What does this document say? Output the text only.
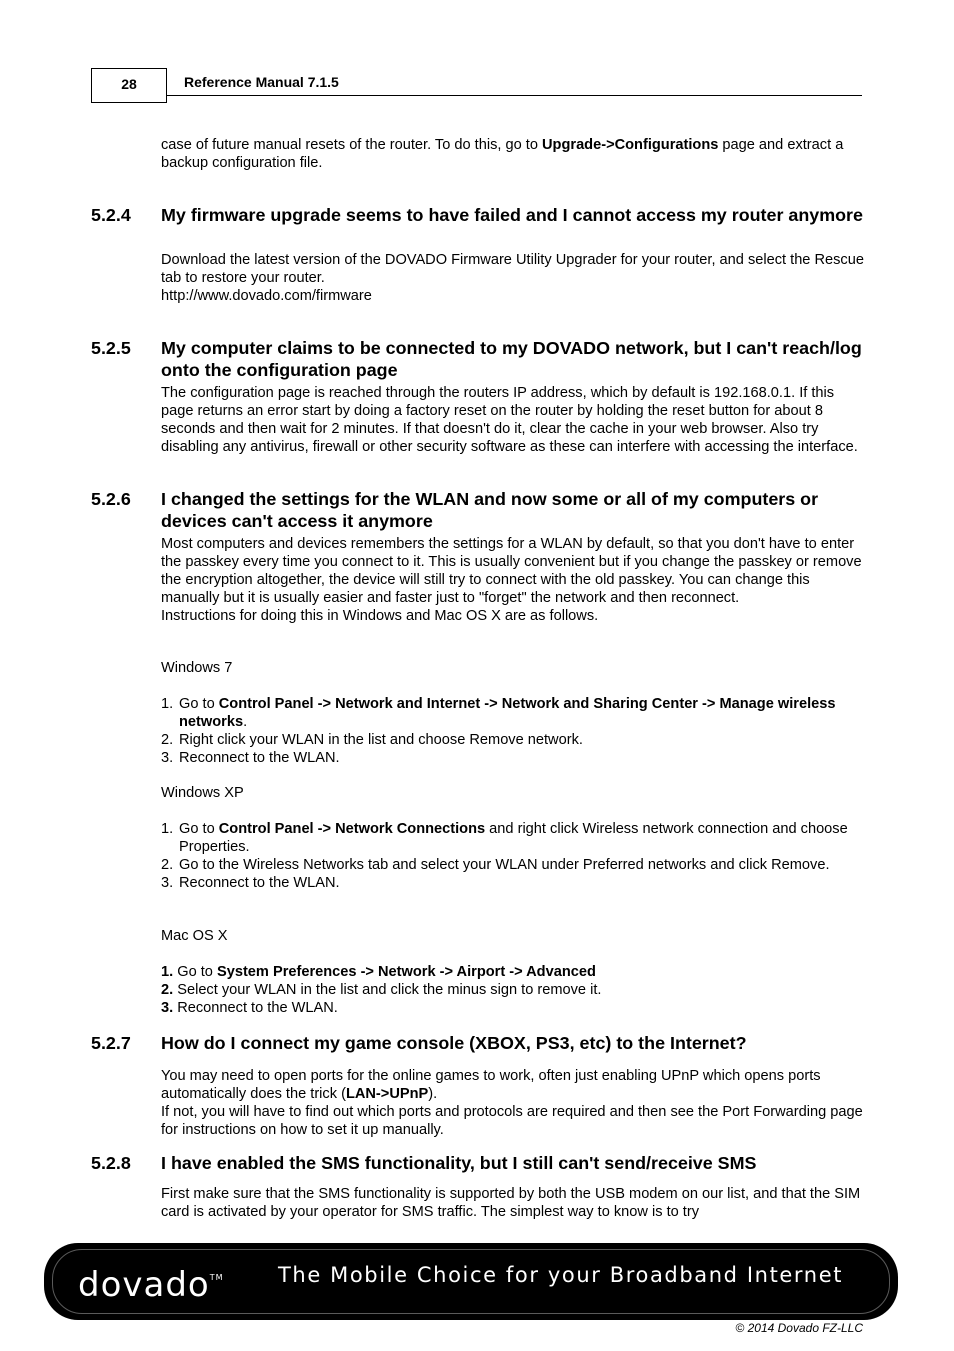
28	Reference Manual 7.1.5

case of future manual resets of the router. To do this, go to Upgrade->Configurations page and extract a backup configuration file.

5.2.4 My firmware upgrade seems to have failed and I cannot access my router anymore

Download the latest version of the DOVADO Firmware Utility Upgrader for your router, and select the Rescue tab to restore your router.
http://www.dovado.com/firmware

5.2.5 My computer claims to be connected to my DOVADO network, but I can't reach/log onto the configuration page

The configuration page is reached through the routers IP address, which by default is 192.168.0.1. If this page returns an error start by doing a factory reset on the router by holding the reset button for about 8 seconds and then wait for 2 minutes. If that doesn't do it, clear the cache in your web browser. Also try disabling any antivirus, firewall or other security software as these can interfere with accessing the interface.

5.2.6 I changed the settings for the WLAN and now some or all of my computers or devices can't access it anymore
Most computers and devices remembers the settings for a WLAN by default, so that you don't have to enter the passkey every time you connect to it. This is usually convenient but if you change the passkey or remove the encryption altogether, the device will still try to connect with the old passkey. You can change this manually but it is usually easier and faster just to "forget" the network and then reconnect.
Instructions for doing this in Windows and Mac OS X are as follows.
Windows 7
1. Go to Control Panel -> Network and Internet -> Network and Sharing Center -> Manage wireless networks.
2. Right click your WLAN in the list and choose Remove network.
3. Reconnect to the WLAN.
Windows XP
1. Go to Control Panel -> Network Connections and right click Wireless network connection and choose Properties.
2. Go to the Wireless Networks tab and select your WLAN under Preferred networks and click Remove.
3. Reconnect to the WLAN.
Mac OS X
1. Go to System Preferences -> Network -> Airport -> Advanced
2. Select your WLAN in the list and click the minus sign to remove it.
3. Reconnect to the WLAN.
5.2.7 How do I connect my game console (XBOX, PS3, etc) to the Internet?
You may need to open ports for the online games to work, often just enabling UPnP which opens ports automatically does the trick (LAN->UPnP).
If not, you will have to find out which ports and protocols are required and then see the Port Forwarding page for instructions on how to set it up manually.
5.2.8 I have enabled the SMS functionality, but I still can't send/receive SMS

First make sure that the SMS functionality is supported by both the USB modem on our list, and that the SIM card is activated by your operator for SMS traffic. The simplest way to know is to try

dovado™	The Mobile Choice for your Broadband Internet
© 2014 Dovado FZ-LLC
